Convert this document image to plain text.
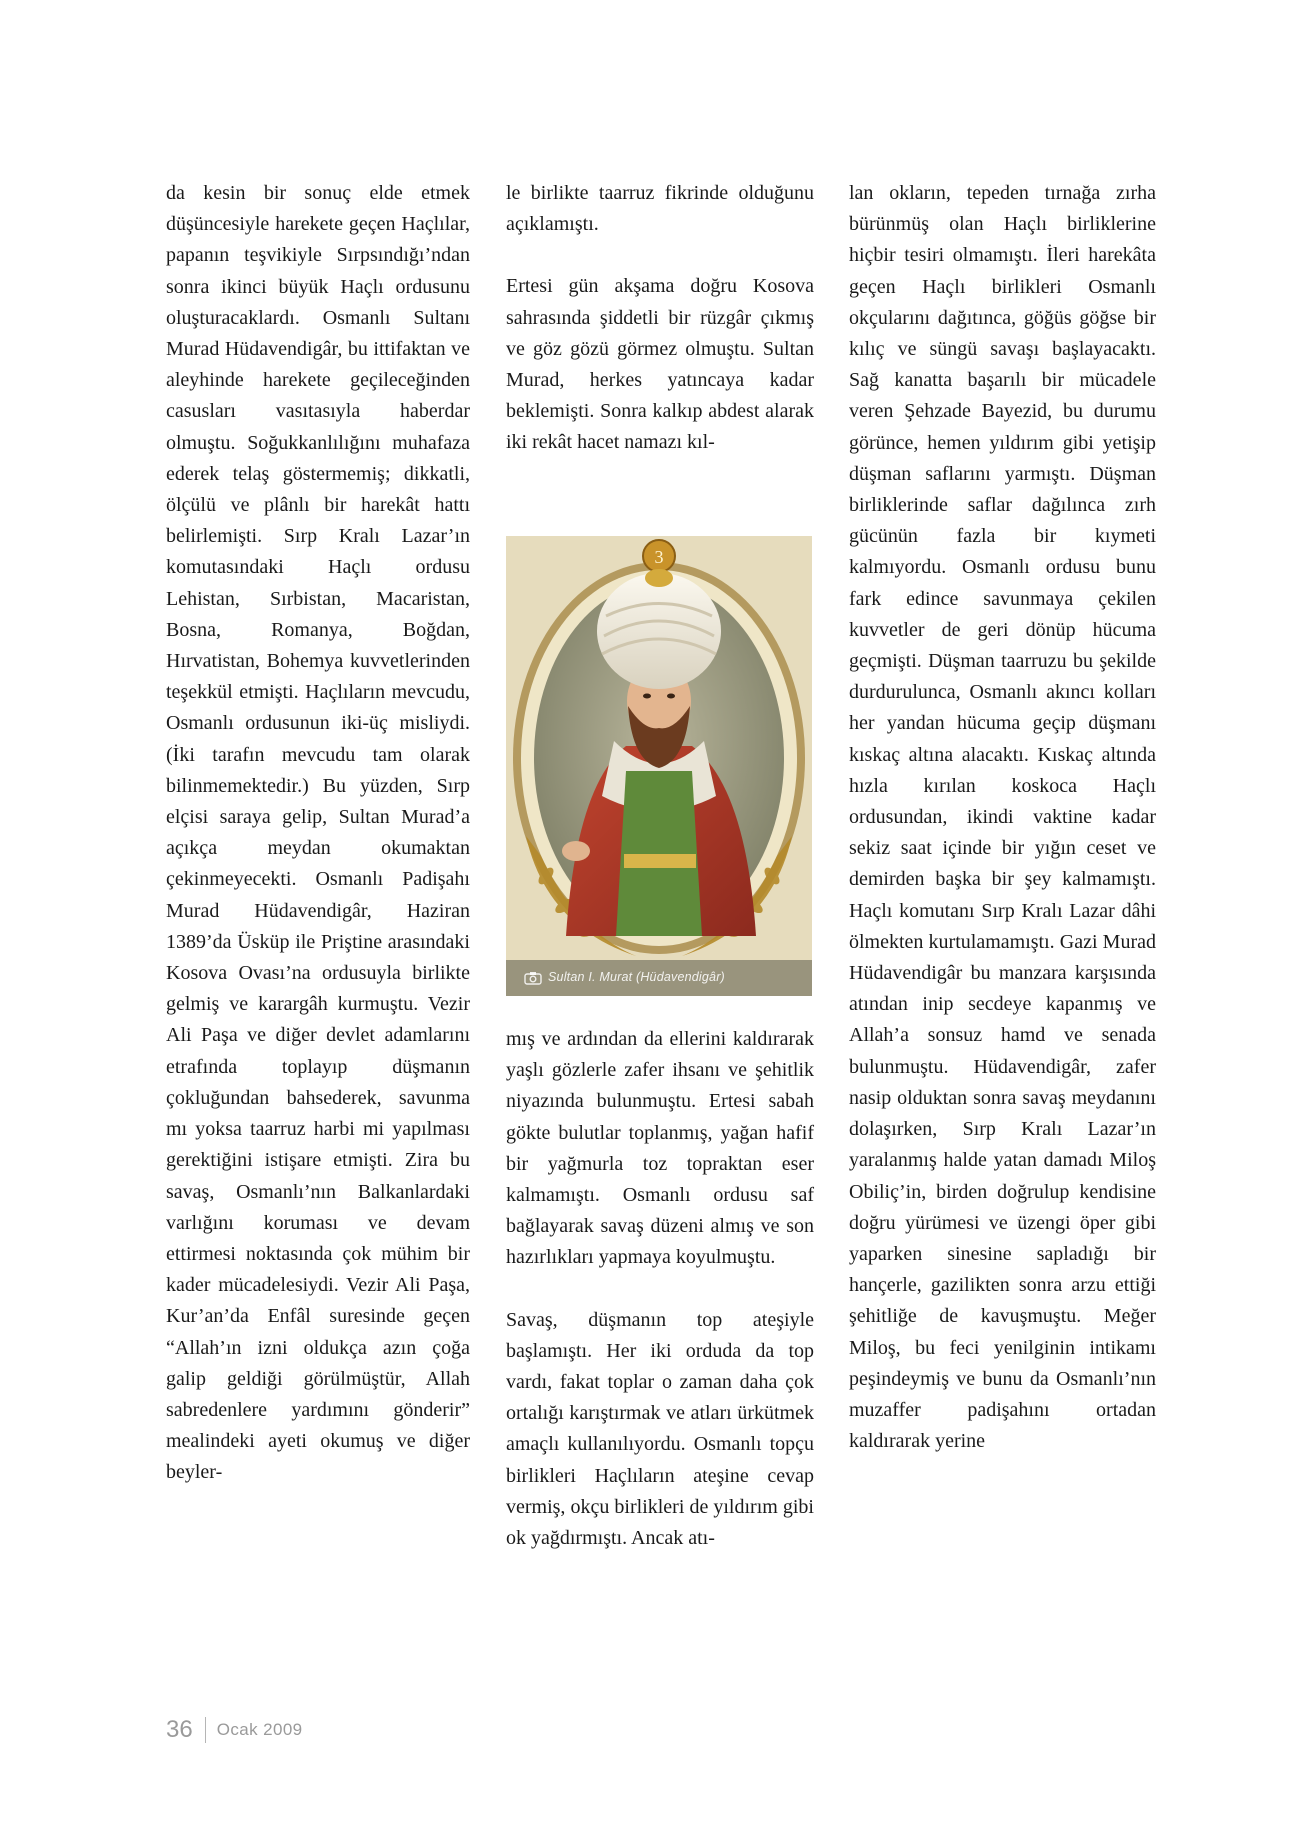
da kesin bir sonuç elde etmek düşüncesiyle harekete geçen Haçlılar, papanın teşvikiyle Sırpsındığı’ndan sonra ikinci büyük Haçlı ordusunu oluşturacaklardı. Osmanlı Sultanı Murad Hüdavendigâr, bu ittifaktan ve aleyhinde harekete geçileceğinden casusları vasıtasıyla haberdar olmuştu. Soğukkanlılığını muhafaza ederek telaş göstermemiş; dikkatli, ölçülü ve plânlı bir harekât hattı belirlemişti. Sırp Kralı Lazar’ın komutasındaki Haçlı ordusu Lehistan, Sırbistan, Macaristan, Bosna, Romanya, Boğdan, Hırvatistan, Bohemya kuvvetlerinden teşekkül etmişti. Haçlıların mevcudu, Osmanlı ordusunun iki-üç misliydi. (İki tarafın mevcudu tam olarak bilinmemektedir.) Bu yüzden, Sırp elçisi saraya gelip, Sultan Murad’a açıkça meydan okumaktan çekinmeyecekti. Osmanlı Padişahı Murad Hüdavendigâr, Haziran 1389’da Üsküp ile Priştine arasındaki Kosova Ovası’na ordusuyla birlikte gelmiş ve karargâh kurmuştu. Vezir Ali Paşa ve diğer devlet adamlarını etrafında toplayıp düşmanın çokluğundan bahsederek, savunma mı yoksa taarruz harbi mi yapılması gerektiğini istişare etmişti. Zira bu savaş, Osmanlı’nın Balkanlardaki varlığını koruması ve devam ettirmesi noktasında çok mühim bir kader mücadelesiydi. Vezir Ali Paşa, Kur’an’da Enfâl suresinde geçen “Allah’ın izni oldukça azın çoğa galip geldiği görülmüştür, Allah sabredenlere yardımını gönderir” mealindeki ayeti okumuş ve diğer beyler-

le birlikte taarruz fikrinde olduğunu açıklamıştı.

Ertesi gün akşama doğru Kosova sahrasında şiddetli bir rüzgâr çıkmış ve göz gözü görmez olmuştu. Sultan Murad, herkes yatıncaya kadar beklemişti. Sonra kalkıp abdest alarak iki rekât hacet namazı kıl-

3
Sultan I. Murat (Hüdavendigâr)

mış ve ardından da ellerini kaldırarak yaşlı gözlerle zafer ihsanı ve şehitlik niyazında bulunmuştu. Ertesi sabah gökte bulutlar toplanmış, yağan hafif bir yağmurla toz topraktan eser kalmamıştı. Osmanlı ordusu saf bağlayarak savaş düzeni almış ve son hazırlıkları yapmaya koyulmuştu.

Savaş, düşmanın top ateşiyle başlamıştı. Her iki orduda da top vardı, fakat toplar o zaman daha çok ortalığı karıştırmak ve atları ürkütmek amaçlı kullanılıyordu. Osmanlı topçu birlikleri Haçlıların ateşine cevap vermiş, okçu birlikleri de yıldırım gibi ok yağdırmıştı. Ancak atı-

lan okların, tepeden tırnağa zırha bürünmüş olan Haçlı birliklerine hiçbir tesiri olmamıştı. İleri harekâta geçen Haçlı birlikleri Osmanlı okçularını dağıtınca, göğüs göğse bir kılıç ve süngü savaşı başlayacaktı. Sağ kanatta başarılı bir mücadele veren Şehzade Bayezid, bu durumu görünce, hemen yıldırım gibi yetişip düşman saflarını yarmıştı. Düşman birliklerinde saflar dağılınca zırh gücünün fazla bir kıymeti kalmıyordu. Osmanlı ordusu bunu fark edince savunmaya çekilen kuvvetler de geri dönüp hücuma geçmişti. Düşman taarruzu bu şekilde durdurulunca, Osmanlı akıncı kolları her yandan hücuma geçip düşmanı kıskaç altına alacaktı. Kıskaç altında hızla kırılan koskoca Haçlı ordusundan, ikindi vaktine kadar sekiz saat içinde bir yığın ceset ve demirden başka bir şey kalmamıştı. Haçlı komutanı Sırp Kralı Lazar dâhi ölmekten kurtulamamıştı. Gazi Murad Hüdavendigâr bu manzara karşısında atından inip secdeye kapanmış ve Allah’a sonsuz hamd ve senada bulunmuştu. Hüdavendigâr, zafer nasip olduktan sonra savaş meydanını dolaşırken, Sırp Kralı Lazar’ın yaralanmış halde yatan damadı Miloş Obiliç’in, birden doğrulup kendisine doğru yürümesi ve üzengi öper gibi yaparken sinesine sapladığı bir hançerle, gazilikten sonra arzu ettiği şehitliğe de kavuşmuştu. Meğer Miloş, bu feci yenilginin intikamı peşindeymiş ve bunu da Osmanlı’nın muzaffer padişahını ortadan kaldırarak yerine

36 Ocak 2009
